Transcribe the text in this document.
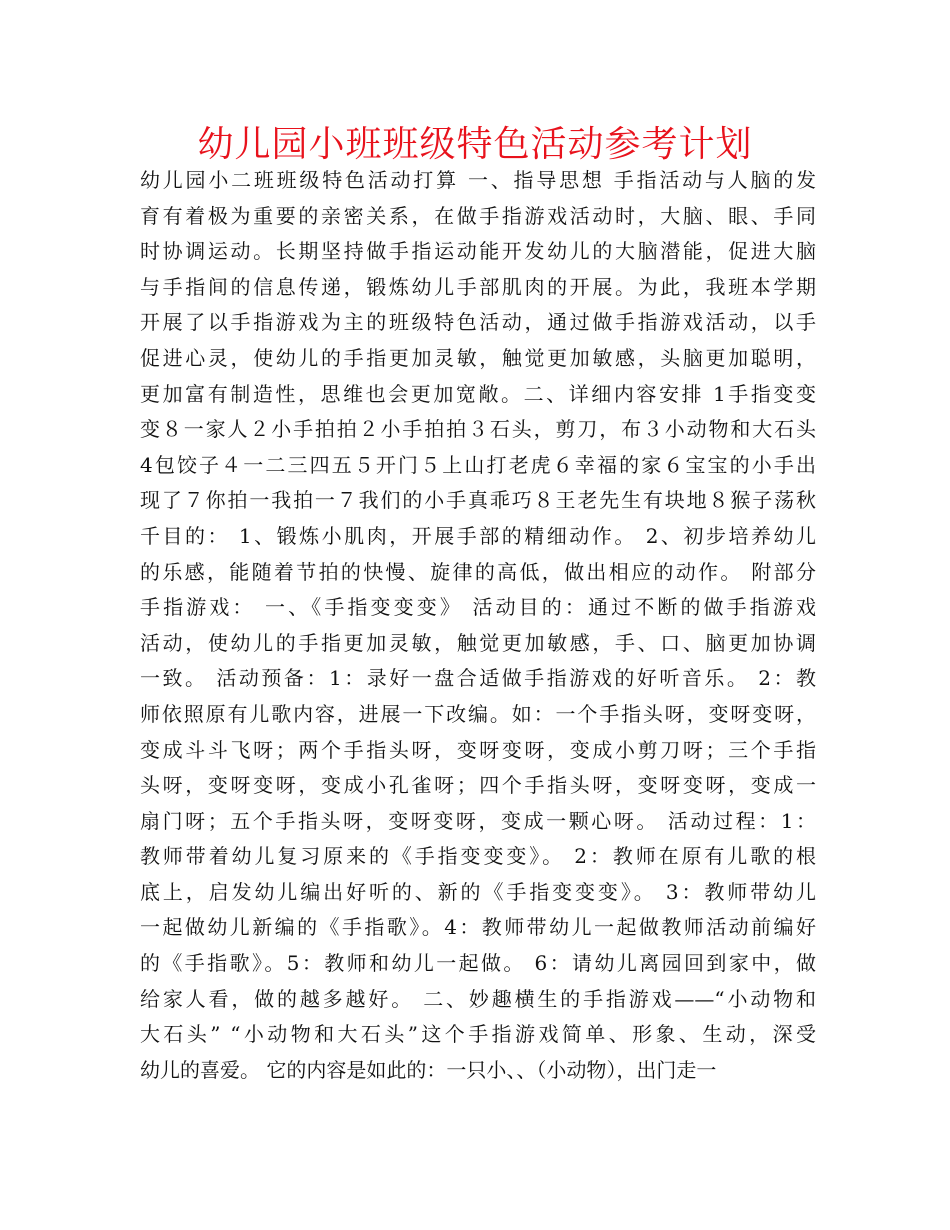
幼儿园小班班级特色活动参考计划
幼儿园小二班班级特色活动打算 一、指导思想 手指活动与人脑的发
育有着极为重要的亲密关系，在做手指游戏活动时，大脑、眼、手同
时协调运动。长期坚持做手指运动能开发幼儿的大脑潜能，促进大脑
与手指间的信息传递，锻炼幼儿手部肌肉的开展。为此，我班本学期
开展了以手指游戏为主的班级特色活动，通过做手指游戏活动，以手
促进心灵，使幼儿的手指更加灵敏，触觉更加敏感，头脑更加聪明，
更加富有制造性，思维也会更加宽敞。二、详细内容安排 1手指变变
变８一家人２小手拍拍２小手拍拍３石头，剪刀，布３小动物和大石头
4包饺子４一二三四五５开门５上山打老虎６幸福的家６宝宝的小手出
现了７你拍一我拍一７我们的小手真乖巧８王老先生有块地８猴子荡秋
千目的： 1、锻炼小肌肉，开展手部的精细动作。 2、初步培养幼儿
的乐感，能随着节拍的快慢、旋律的高低，做出相应的动作。 附部分
手指游戏： 一、《手指变变变》 活动目的：通过不断的做手指游戏
活动，使幼儿的手指更加灵敏，触觉更加敏感，手、口、脑更加协调
一致。 活动预备：1：录好一盘合适做手指游戏的好听音乐。 2：教
师依照原有儿歌内容，进展一下改编。如：一个手指头呀，变呀变呀，
变成斗斗飞呀；两个手指头呀，变呀变呀，变成小剪刀呀；三个手指
头呀，变呀变呀，变成小孔雀呀；四个手指头呀，变呀变呀，变成一
扇门呀；五个手指头呀，变呀变呀，变成一颗心呀。 活动过程：1：
教师带着幼儿复习原来的《手指变变变》。 2：教师在原有儿歌的根
底上，启发幼儿编出好听的、新的《手指变变变》。 3：教师带幼儿
一起做幼儿新编的《手指歌》。4：教师带幼儿一起做教师活动前编好
的《手指歌》。5：教师和幼儿一起做。 6：请幼儿离园回到家中，做
给家人看，做的越多越好。 二、妙趣横生的手指游戏——“小动物和
大石头” “小动物和大石头”这个手指游戏简单、形象、生动，深受
幼儿的喜爱。 它的内容是如此的：一只小、、（小动物），出门走一
